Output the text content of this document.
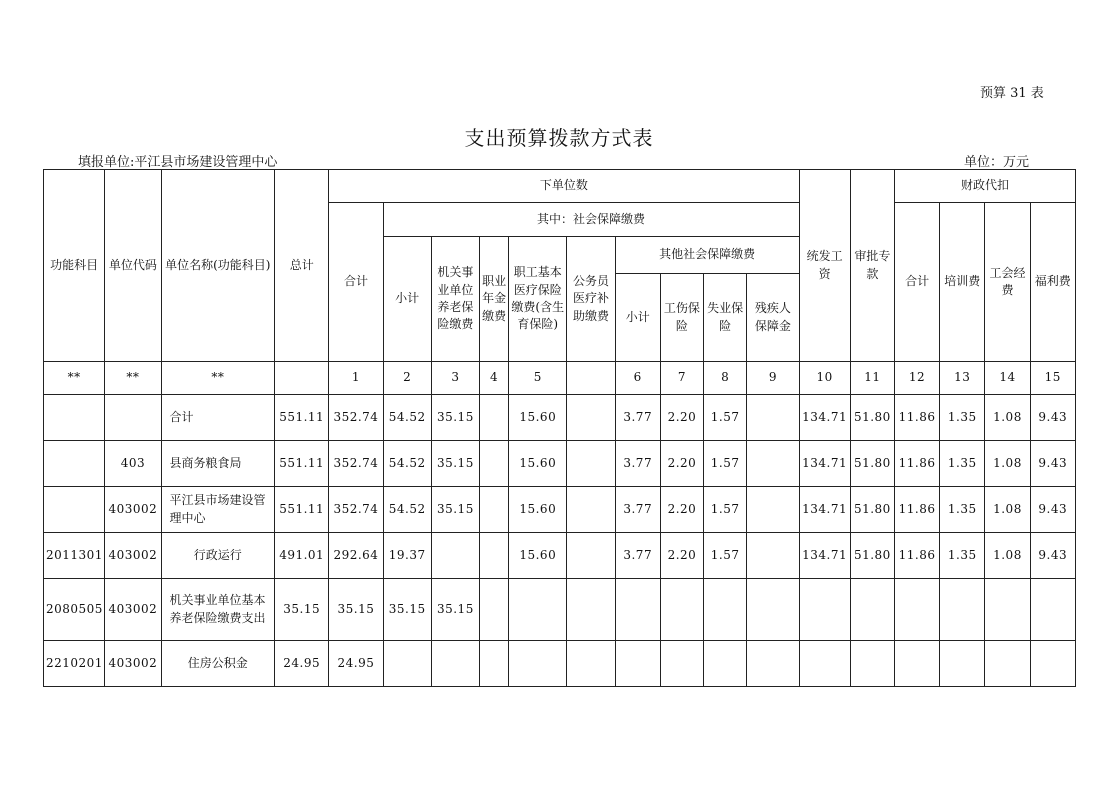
预算 31 表
支出预算拨款方式表
填报单位:平江县市场建设管理中心	单位：万元
功能科目	单位代码	单位名称(功能科目)	总计	下单位数										统发工资	审批专款	财政代扣			
				合计	其中：社会保障缴费											合计	培训费	工会经费	福利费
					小计	机关事业单位养老保险缴费	职业年金缴费	职工基本医疗保险缴费(含生育保险)	公务员医疗补助缴费	其他社会保障缴费									
										小计	工伤保险	失业保险	残疾人保障金						
**	**	**		1	2	3	4	5		6	7	8	9	10	11	12	13	14	15
		合计	551.11	352.74	54.52	35.15		15.60		3.77	2.20	1.57		134.71	51.80	11.86	1.35	1.08	9.43
	403	县商务粮食局	551.11	352.74	54.52	35.15		15.60		3.77	2.20	1.57		134.71	51.80	11.86	1.35	1.08	9.43
	403002	平江县市场建设管理中心	551.11	352.74	54.52	35.15		15.60		3.77	2.20	1.57		134.71	51.80	11.86	1.35	1.08	9.43
2011301	403002	行政运行	491.01	292.64	19.37			15.60		3.77	2.20	1.57		134.71	51.80	11.86	1.35	1.08	9.43
2080505	403002	机关事业单位基本养老保险缴费支出	35.15	35.15	35.15	35.15													
2210201	403002	住房公积金	24.95	24.95															
